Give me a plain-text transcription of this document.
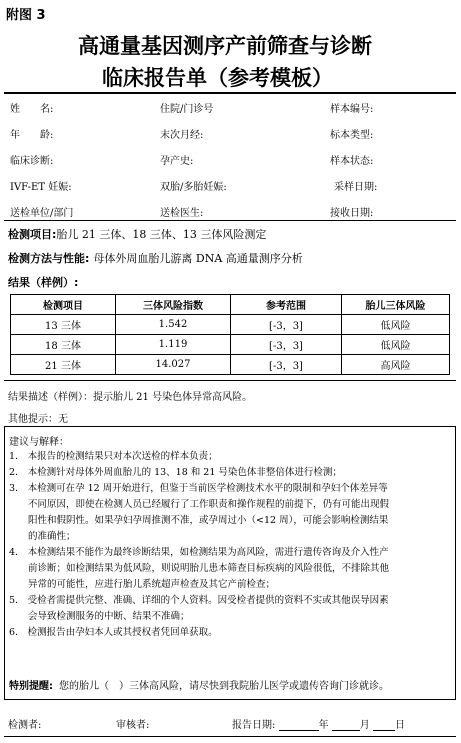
附图 3
高通量基因测序产前筛查与诊断
临床报告单（参考模板）
姓　　名:	住院/门诊号	样本编号:
年　　龄:	末次月经:	标本类型:
临床诊断:	孕产史:	样本状态:
IVF-ET 妊娠:	双胎/多胎妊娠:	采样日期:
送检单位/部门	送检医生:	接收日期:
检测项目:胎儿 21 三体、18 三体、13 三体风险测定
检测方法与性能: 母体外周血胎儿游离 DNA 高通量测序分析
结果（样例）:
检测项目	三体风险指数	参考范围	胎儿三体风险
13 三体	1.542	[-3，3]	低风险
18 三体	1.119	[-3，3]	低风险
21 三体	14.027	[-3，3]	高风险
结果描述（样例）：提示胎儿 21 号染色体异常高风险。
其他提示：无
建议与解释：
1.　本报告的检测结果只对本次送检的样本负责；
2.　本检测针对母体外周血胎儿的 13、18 和 21 号染色体非整倍体进行检测；
3.　本检测可在孕 12 周开始进行，但鉴于当前医学检测技术水平的限制和孕妇个体差异等
　　不同原因，即使在检测人员已经履行了工作职责和操作规程的前提下，仍有可能出现假
　　阳性和假阴性。如果孕妇孕周推测不准，或孕周过小（<12 周），可能会影响检测结果
　　的准确性；
4.　本检测结果不能作为最终诊断结果，如检测结果为高风险，需进行遗传咨询及介入性产
　　前诊断；如检测结果为低风险，则说明胎儿患本筛查目标疾病的风险很低，不排除其他
　　异常的可能性，应进行胎儿系统超声检查及其它产前检查；
5.　受检者需提供完整、准确、详细的个人资料。因受检者提供的资料不实或其他误导因素
　　会导致检测服务的中断、结果不准确；
6.　检测报告由孕妇本人或其授权者凭回单获取。
特别提醒: 您的胎儿（　）三体高风险，请尽快到我院胎儿医学或遗传咨询门诊就诊。
检测者:	审核者:	报告日期:	年	月	日
